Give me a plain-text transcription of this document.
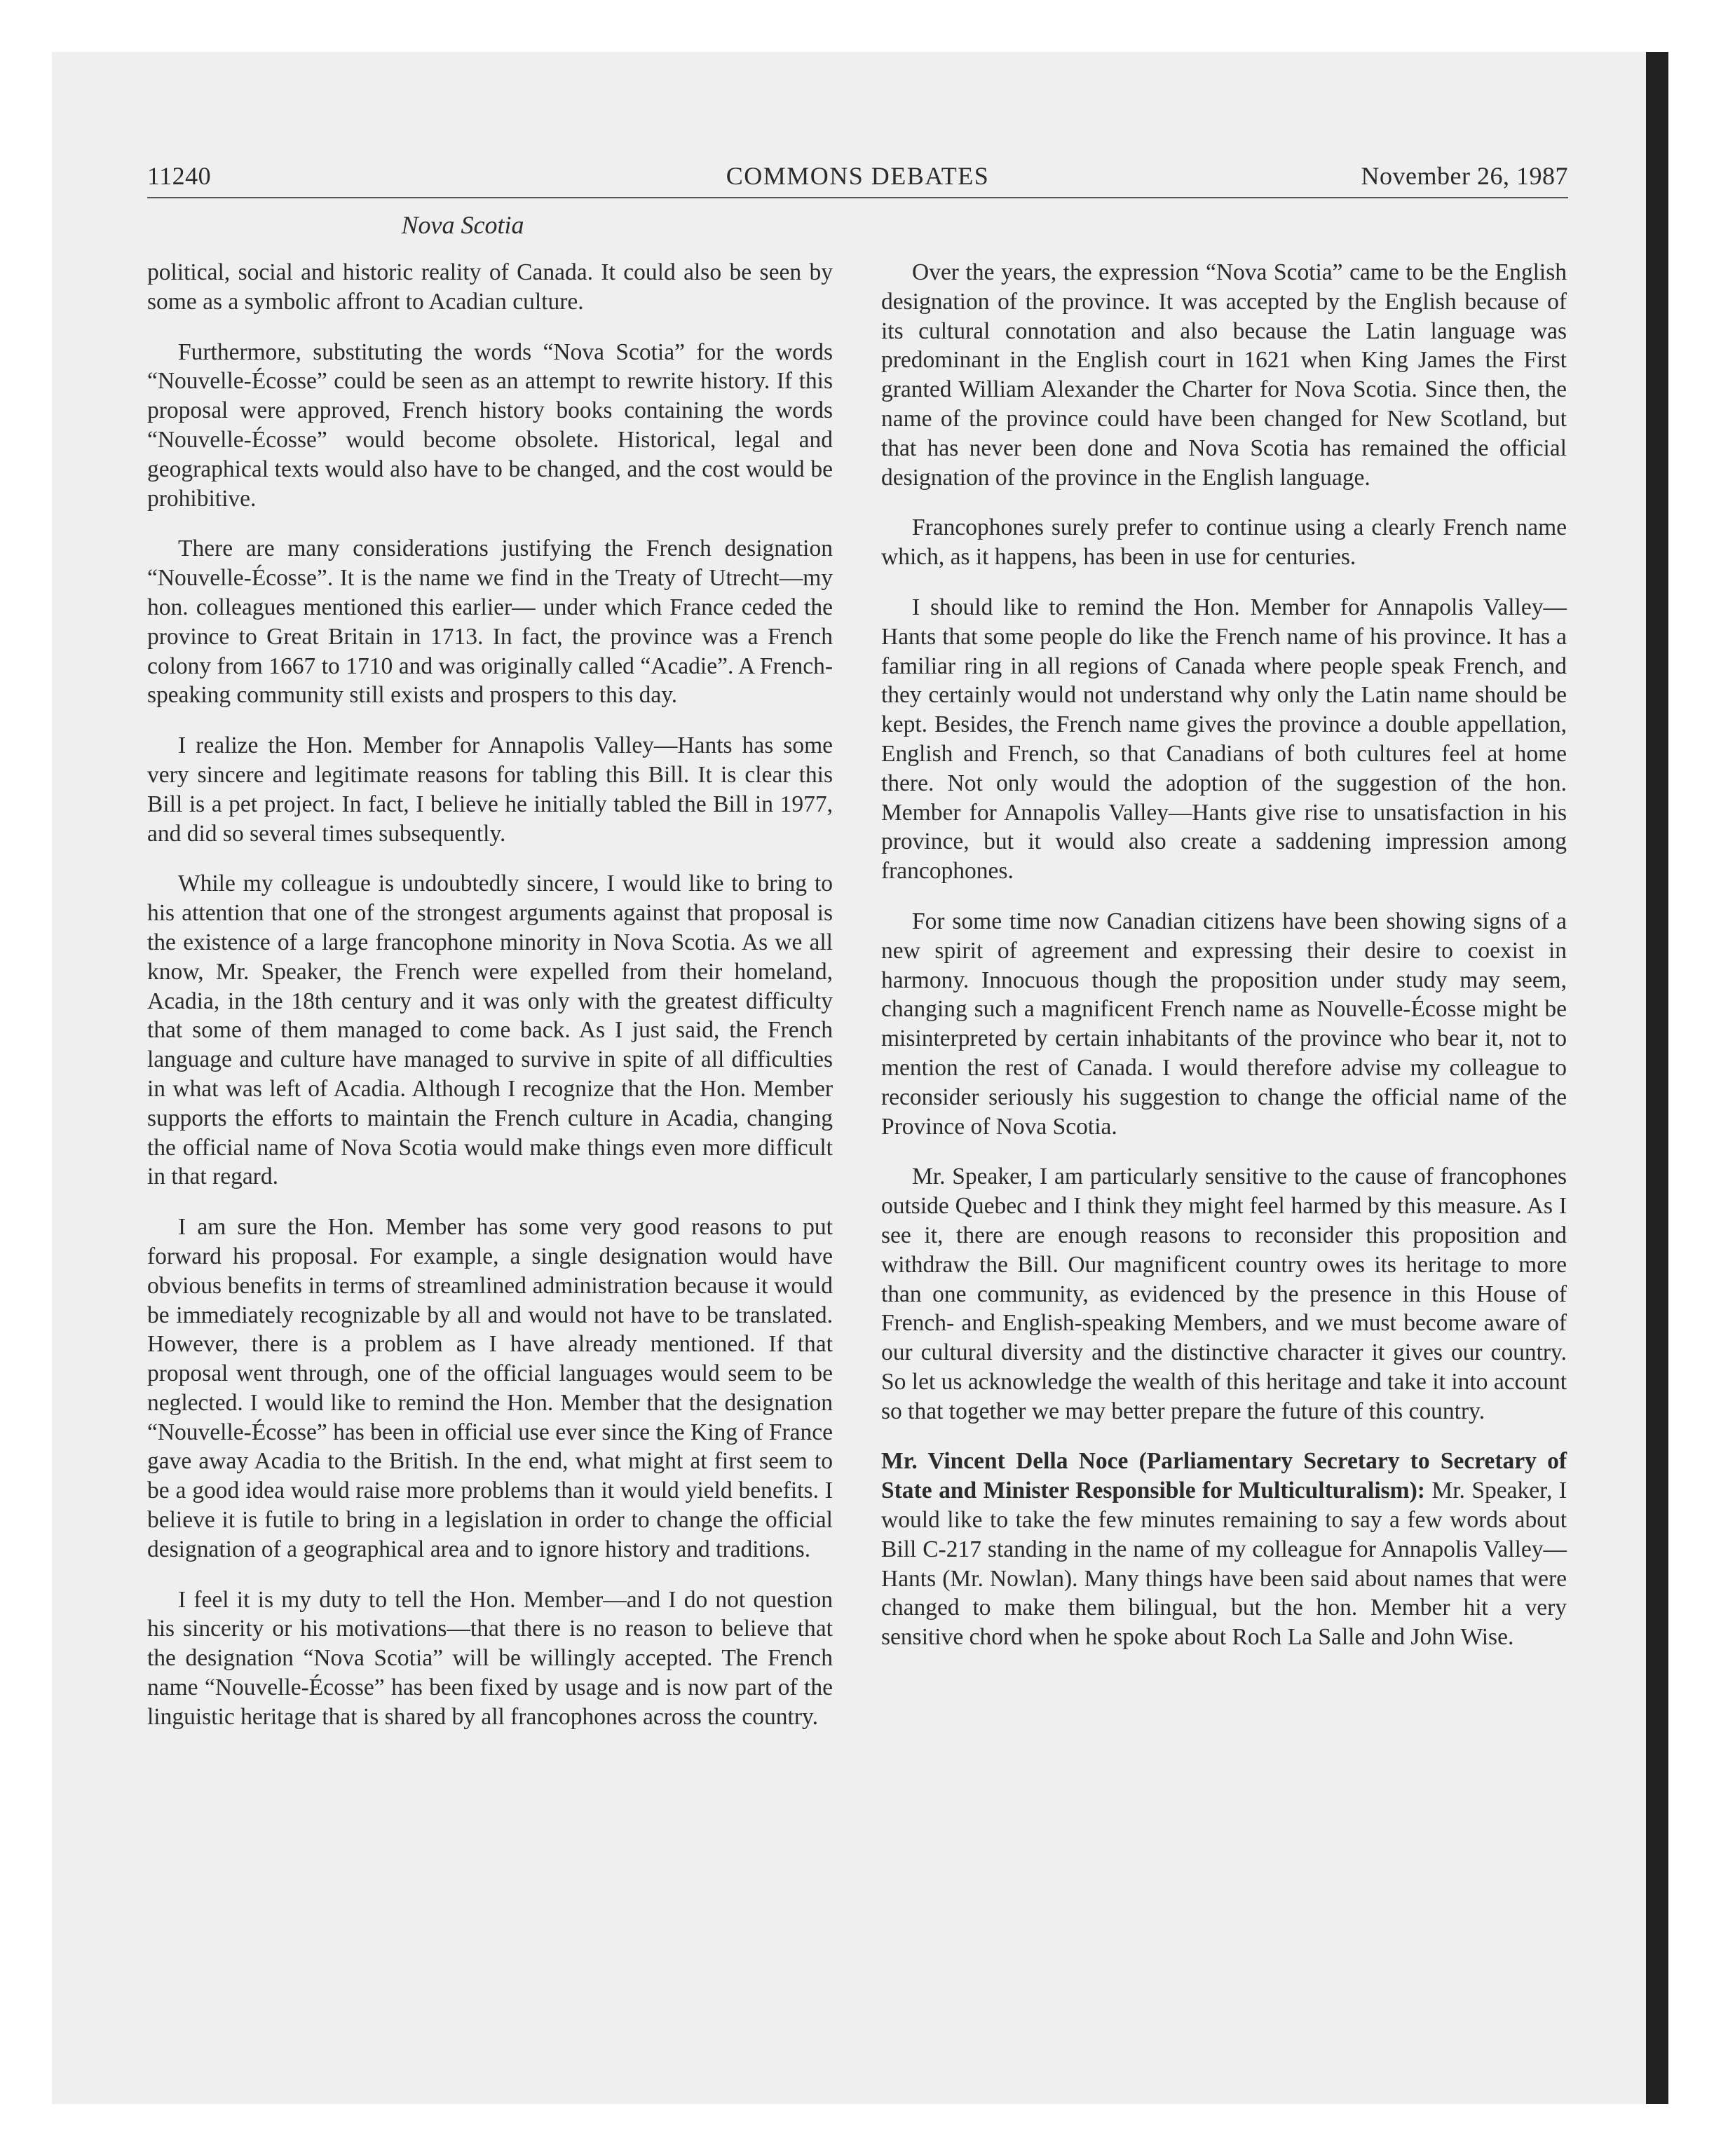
11240	COMMONS DEBATES	November 26, 1987
Nova Scotia

political, social and historic reality of Canada. It could also be seen by some as a symbolic affront to Acadian culture.

Furthermore, substituting the words “Nova Scotia” for the words “Nouvelle-Écosse” could be seen as an attempt to rewrite history. If this proposal were approved, French history books containing the words “Nouvelle-Écosse” would become obsolete. Historical, legal and geographical texts would also have to be changed, and the cost would be prohibitive.

There are many considerations justifying the French designation “Nouvelle-Écosse”. It is the name we find in the Treaty of Utrecht—my hon. colleagues mentioned this earlier— under which France ceded the province to Great Britain in 1713. In fact, the province was a French colony from 1667 to 1710 and was originally called “Acadie”. A French-speaking community still exists and prospers to this day.

I realize the Hon. Member for Annapolis Valley—Hants has some very sincere and legitimate reasons for tabling this Bill. It is clear this Bill is a pet project. In fact, I believe he initially tabled the Bill in 1977, and did so several times subsequently.

While my colleague is undoubtedly sincere, I would like to bring to his attention that one of the strongest arguments against that proposal is the existence of a large francophone minority in Nova Scotia. As we all know, Mr. Speaker, the French were expelled from their homeland, Acadia, in the 18th century and it was only with the greatest difficulty that some of them managed to come back. As I just said, the French language and culture have managed to survive in spite of all difficulties in what was left of Acadia. Although I recognize that the Hon. Member supports the efforts to maintain the French culture in Acadia, changing the official name of Nova Scotia would make things even more difficult in that regard.

I am sure the Hon. Member has some very good reasons to put forward his proposal. For example, a single designation would have obvious benefits in terms of streamlined administration because it would be immediately recognizable by all and would not have to be translated. However, there is a problem as I have already mentioned. If that proposal went through, one of the official languages would seem to be neglected. I would like to remind the Hon. Member that the designation “Nouvelle-Écosse” has been in official use ever since the King of France gave away Acadia to the British. In the end, what might at first seem to be a good idea would raise more problems than it would yield benefits. I believe it is futile to bring in a legislation in order to change the official designation of a geographical area and to ignore history and traditions.

I feel it is my duty to tell the Hon. Member—and I do not question his sincerity or his motivations—that there is no reason to believe that the designation “Nova Scotia” will be willingly accepted. The French name “Nouvelle-Écosse” has been fixed by usage and is now part of the linguistic heritage that is shared by all francophones across the country.

Over the years, the expression “Nova Scotia” came to be the English designation of the province. It was accepted by the English because of its cultural connotation and also because the Latin language was predominant in the English court in 1621 when King James the First granted William Alexander the Charter for Nova Scotia. Since then, the name of the province could have been changed for New Scotland, but that has never been done and Nova Scotia has remained the official designation of the province in the English language.

Francophones surely prefer to continue using a clearly French name which, as it happens, has been in use for centuries.

I should like to remind the Hon. Member for Annapolis Valley—Hants that some people do like the French name of his province. It has a familiar ring in all regions of Canada where people speak French, and they certainly would not understand why only the Latin name should be kept. Besides, the French name gives the province a double appellation, English and French, so that Canadians of both cultures feel at home there. Not only would the adoption of the suggestion of the hon. Member for Annapolis Valley—Hants give rise to unsatisfaction in his province, but it would also create a saddening impression among francophones.

For some time now Canadian citizens have been showing signs of a new spirit of agreement and expressing their desire to coexist in harmony. Innocuous though the proposition under study may seem, changing such a magnificent French name as Nouvelle-Écosse might be misinterpreted by certain inhabitants of the province who bear it, not to mention the rest of Canada. I would therefore advise my colleague to reconsider seriously his suggestion to change the official name of the Province of Nova Scotia.

Mr. Speaker, I am particularly sensitive to the cause of francophones outside Quebec and I think they might feel harmed by this measure. As I see it, there are enough reasons to reconsider this proposition and withdraw the Bill. Our magnificent country owes its heritage to more than one community, as evidenced by the presence in this House of French- and English-speaking Members, and we must become aware of our cultural diversity and the distinctive character it gives our country. So let us acknowledge the wealth of this heritage and take it into account so that together we may better prepare the future of this country.

Mr. Vincent Della Noce (Parliamentary Secretary to Secretary of State and Minister Responsible for Multiculturalism): Mr. Speaker, I would like to take the few minutes remaining to say a few words about Bill C-217 standing in the name of my colleague for Annapolis Valley—Hants (Mr. Nowlan). Many things have been said about names that were changed to make them bilingual, but the hon. Member hit a very sensitive chord when he spoke about Roch La Salle and John Wise.
